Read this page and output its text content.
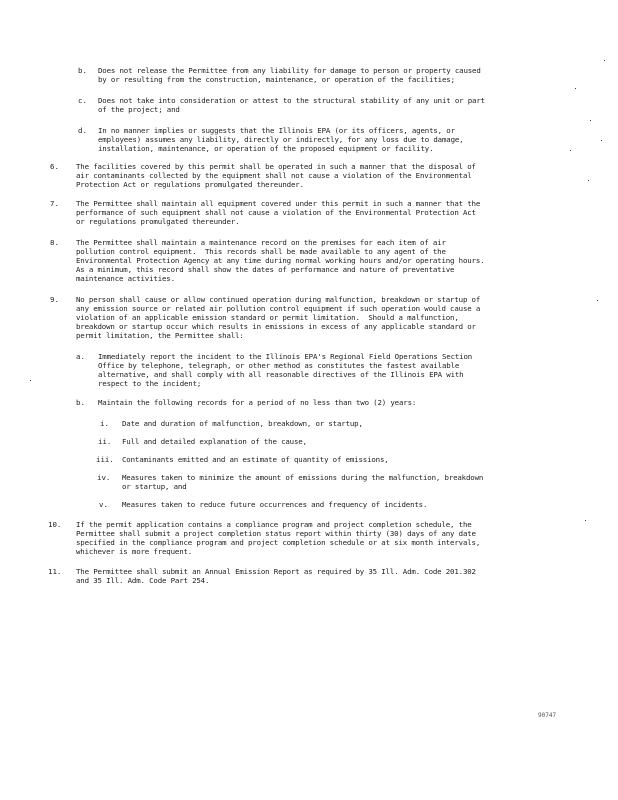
b. Does not release the Permittee from any liability for damage to person or property caused
by or resulting from the construction, maintenance, or operation of the facilities;
c. Does not take into consideration or attest to the structural stability of any unit or part
of the project; and
d. In no manner implies or suggests that the Illinois EPA (or its officers, agents, or
employees) assumes any liability, directly or indirectly, for any loss due to damage,
installation, maintenance, or operation of the proposed equipment or facility.
6. The facilities covered by this permit shall be operated in such a manner that the disposal of
air contaminants collected by the equipment shall not cause a violation of the Environmental
Protection Act or regulations promulgated thereunder.
7. The Permittee shall maintain all equipment covered under this permit in such a manner that the
performance of such equipment shall not cause a violation of the Environmental Protection Act
or regulations promulgated thereunder.
8. The Permittee shall maintain a maintenance record on the premises for each item of air
pollution control equipment.  This records shall be made available to any agent of the
Environmental Protection Agency at any time during normal working hours and/or operating hours.
As a minimum, this record shall show the dates of performance and nature of preventative
maintenance activities.
9. No person shall cause or allow continued operation during malfunction, breakdown or startup of
any emission source or related air pollution control equipment if such operation would cause a
violation of an applicable emission standard or permit limitation.  Should a malfunction,
breakdown or startup occur which results in emissions in excess of any applicable standard or
permit limitation, the Permittee shall:
a. Immediately report the incident to the Illinois EPA's Regional Field Operations Section
Office by telephone, telegraph, or other method as constitutes the fastest available
alternative, and shall comply with all reasonable directives of the Illinois EPA with
respect to the incident;
b. Maintain the following records for a period of no less than two (2) years:
i. Date and duration of malfunction, breakdown, or startup,
ii. Full and detailed explanation of the cause,
iii. Contaminants emitted and an estimate of quantity of emissions,
iv. Measures taken to minimize the amount of emissions during the malfunction, breakdown
or startup, and
v. Measures taken to reduce future occurrences and frequency of incidents.
10. If the permit application contains a compliance program and project completion schedule, the
Permittee shall submit a project completion status report within thirty (30) days of any date
specified in the compliance program and project completion schedule or at six month intervals,
whichever is more frequent.
11. The Permittee shall submit an Annual Emission Report as required by 35 Ill. Adm. Code 201.302
and 35 Ill. Adm. Code Part 254.
90747
